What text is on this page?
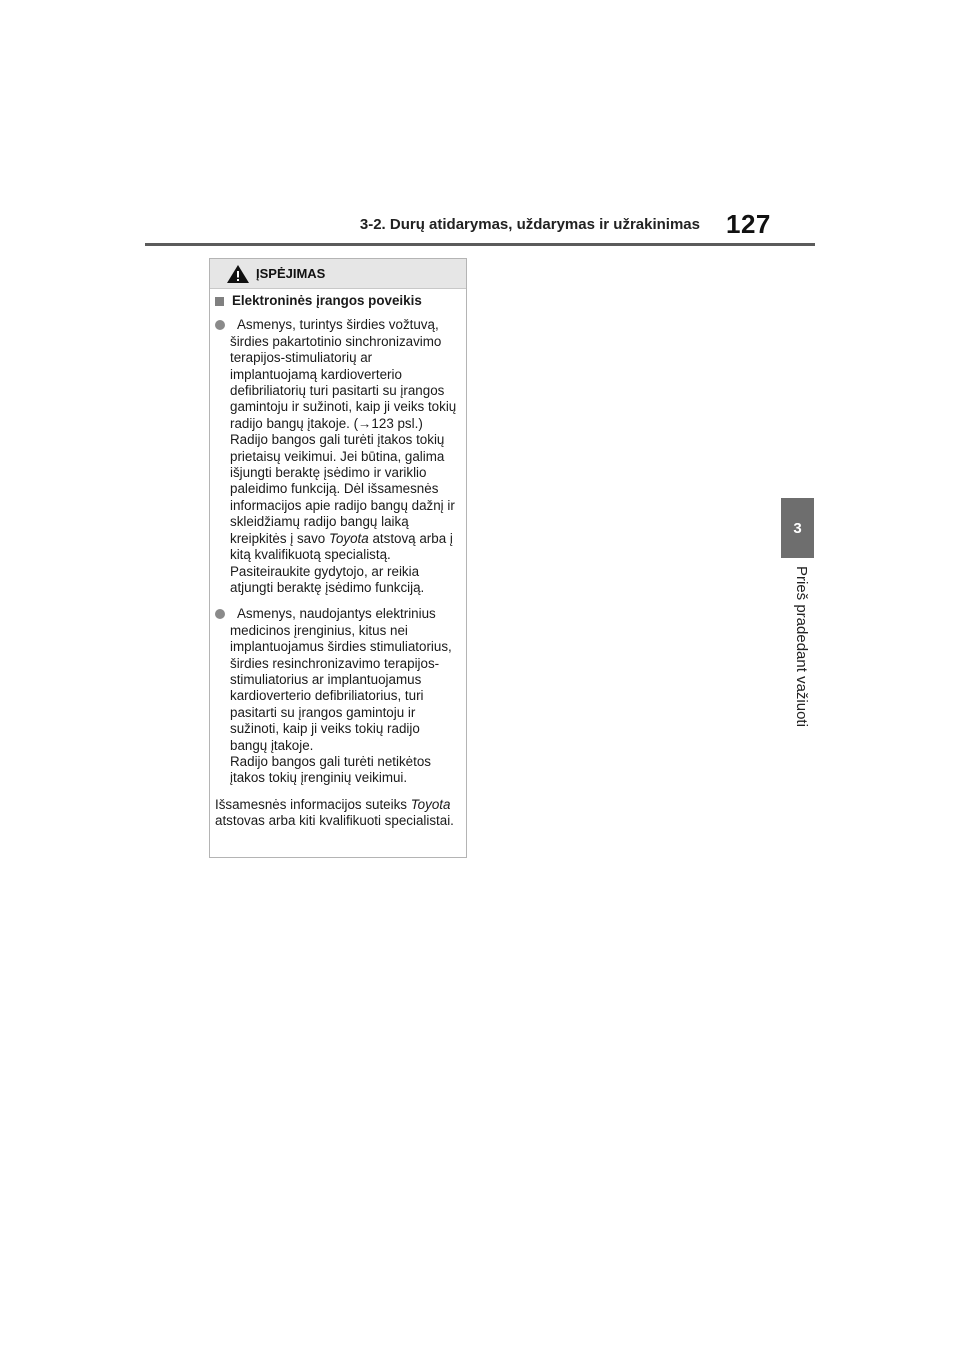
3-2. Durų atidarymas, uždarymas ir užrakinimas 127
3
Prieš pradedant važiuoti
ĮSPĖJIMAS
Elektroninės įrangos poveikis

Asmenys, turintys širdies vožtuvą, širdies pakartotinio sinchronizavimo terapijos-stimuliatorių ar implantuojamą kardioverterio defibriliatorių turi pasitarti su įrangos gamintoju ir sužinoti, kaip ji veiks tokių radijo bangų įtakoje. (→123 psl.)

Radijo bangos gali turėti įtakos tokių prietaisų veikimui. Jei būtina, galima išjungti beraktę įsėdimo ir variklio paleidimo funkciją. Dėl išsamesnės informacijos apie radijo bangų dažnį ir skleidžiamų radijo bangų laiką kreipkitės į savo Toyota atstovą arba į kitą kvalifikuotą specialistą. Pasiteiraukite gydytojo, ar reikia atjungti beraktę įsėdimo funkciją.

Asmenys, naudojantys elektrinius medicinos įrenginius, kitus nei implantuojamus širdies stimuliatorius, širdies resinchronizavimo terapijos-stimuliatorius ar implantuojamus kardioverterio defibriliatorius, turi pasitarti su įrangos gamintoju ir sužinoti, kaip ji veiks tokių radijo bangų įtakoje.

Radijo bangos gali turėti netikėtos įtakos tokių įrenginių veikimui.

Išsamesnės informacijos suteiks Toyota atstovas arba kiti kvalifikuoti specialistai.
